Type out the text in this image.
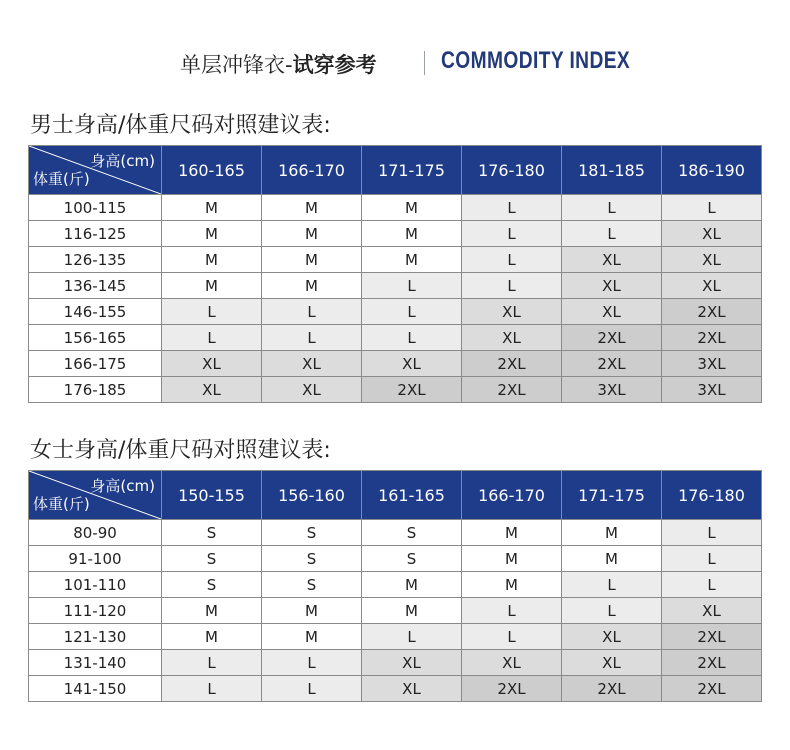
单层冲锋衣-试穿参考	COMMODITY INDEX
男士身高/体重尺码对照建议表:
身高(cm)
体重(斤)	160-165	166-170	171-175	176-180	181-185	186-190
100-115	M	M	M	L	L	L
116-125	M	M	M	L	L	XL
126-135	M	M	M	L	XL	XL
136-145	M	M	L	L	XL	XL
146-155	L	L	L	XL	XL	2XL
156-165	L	L	L	XL	2XL	2XL
166-175	XL	XL	XL	2XL	2XL	3XL
176-185	XL	XL	2XL	2XL	3XL	3XL
女士身高/体重尺码对照建议表:
身高(cm)
体重(斤)	150-155	156-160	161-165	166-170	171-175	176-180
80-90	S	S	S	M	M	L
91-100	S	S	S	M	M	L
101-110	S	S	M	M	L	L
111-120	M	M	M	L	L	XL
121-130	M	M	L	L	XL	2XL
131-140	L	L	XL	XL	XL	2XL
141-150	L	L	XL	2XL	2XL	2XL
